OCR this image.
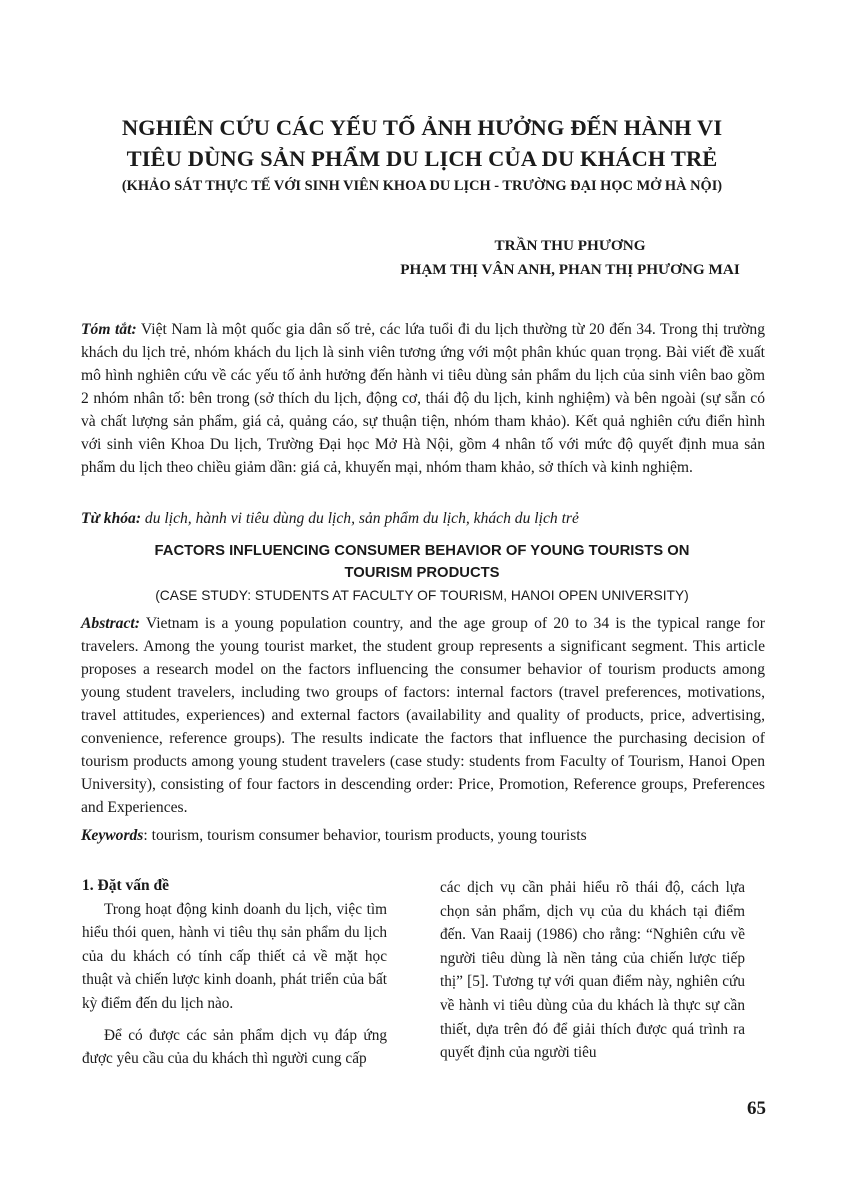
NGHIÊN CỨU CÁC YẾU TỐ ẢNH HƯỞNG ĐẾN HÀNH VI
TIÊU DÙNG SẢN PHẨM DU LỊCH CỦA DU KHÁCH TRẺ
(KHẢO SÁT THỰC TẾ VỚI SINH VIÊN KHOA DU LỊCH - TRƯỜNG ĐẠI HỌC MỞ HÀ NỘI)
TRẦN THU PHƯƠNG
PHẠM THỊ VÂN ANH, PHAN THỊ PHƯƠNG MAI

Tóm tắt: Việt Nam là một quốc gia dân số trẻ, các lứa tuổi đi du lịch thường từ 20 đến 34. Trong thị trường khách du lịch trẻ, nhóm khách du lịch là sinh viên tương ứng với một phân khúc quan trọng. Bài viết đề xuất mô hình nghiên cứu về các yếu tố ảnh hưởng đến hành vi tiêu dùng sản phẩm du lịch của sinh viên bao gồm 2 nhóm nhân tố: bên trong (sở thích du lịch, động cơ, thái độ du lịch, kinh nghiệm) và bên ngoài (sự sẵn có và chất lượng sản phẩm, giá cả, quảng cáo, sự thuận tiện, nhóm tham khảo). Kết quả nghiên cứu điển hình với sinh viên Khoa Du lịch, Trường Đại học Mở Hà Nội, gồm 4 nhân tố với mức độ quyết định mua sản phẩm du lịch theo chiều giảm dần: giá cả, khuyến mại, nhóm tham khảo, sở thích và kinh nghiệm.

Từ khóa: du lịch, hành vi tiêu dùng du lịch, sản phẩm du lịch, khách du lịch trẻ

FACTORS INFLUENCING CONSUMER BEHAVIOR OF YOUNG TOURISTS ON
TOURISM PRODUCTS
(CASE STUDY: STUDENTS AT FACULTY OF TOURISM, HANOI OPEN UNIVERSITY)

Abstract: Vietnam is a young population country, and the age group of 20 to 34 is the typical range for travelers. Among the young tourist market, the student group represents a significant segment. This article proposes a research model on the factors influencing the consumer behavior of tourism products among young student travelers, including two groups of factors: internal factors (travel preferences, motivations, travel attitudes, experiences) and external factors (availability and quality of products, price, advertising, convenience, reference groups). The results indicate the factors that influence the purchasing decision of tourism products among young student travelers (case study: students from Faculty of Tourism, Hanoi Open University), consisting of four factors in descending order: Price, Promotion, Reference groups, Preferences and Experiences.

Keywords: tourism, tourism consumer behavior, tourism products, young tourists

1. Đặt vấn đề

Trong hoạt động kinh doanh du lịch, việc tìm hiểu thói quen, hành vi tiêu thụ sản phẩm du lịch của du khách có tính cấp thiết cả về mặt học thuật và chiến lược kinh doanh, phát triển của bất kỳ điểm đến du lịch nào.

Để có được các sản phẩm dịch vụ đáp ứng được yêu cầu của du khách thì người cung cấp

các dịch vụ cần phải hiểu rõ thái độ, cách lựa chọn sản phẩm, dịch vụ của du khách tại điểm đến. Van Raaij (1986) cho rằng: “Nghiên cứu về người tiêu dùng là nền tảng của chiến lược tiếp thị” [5]. Tương tự với quan điểm này, nghiên cứu về hành vi tiêu dùng của du khách là thực sự cần thiết, dựa trên đó để giải thích được quá trình ra quyết định của người tiêu

65
